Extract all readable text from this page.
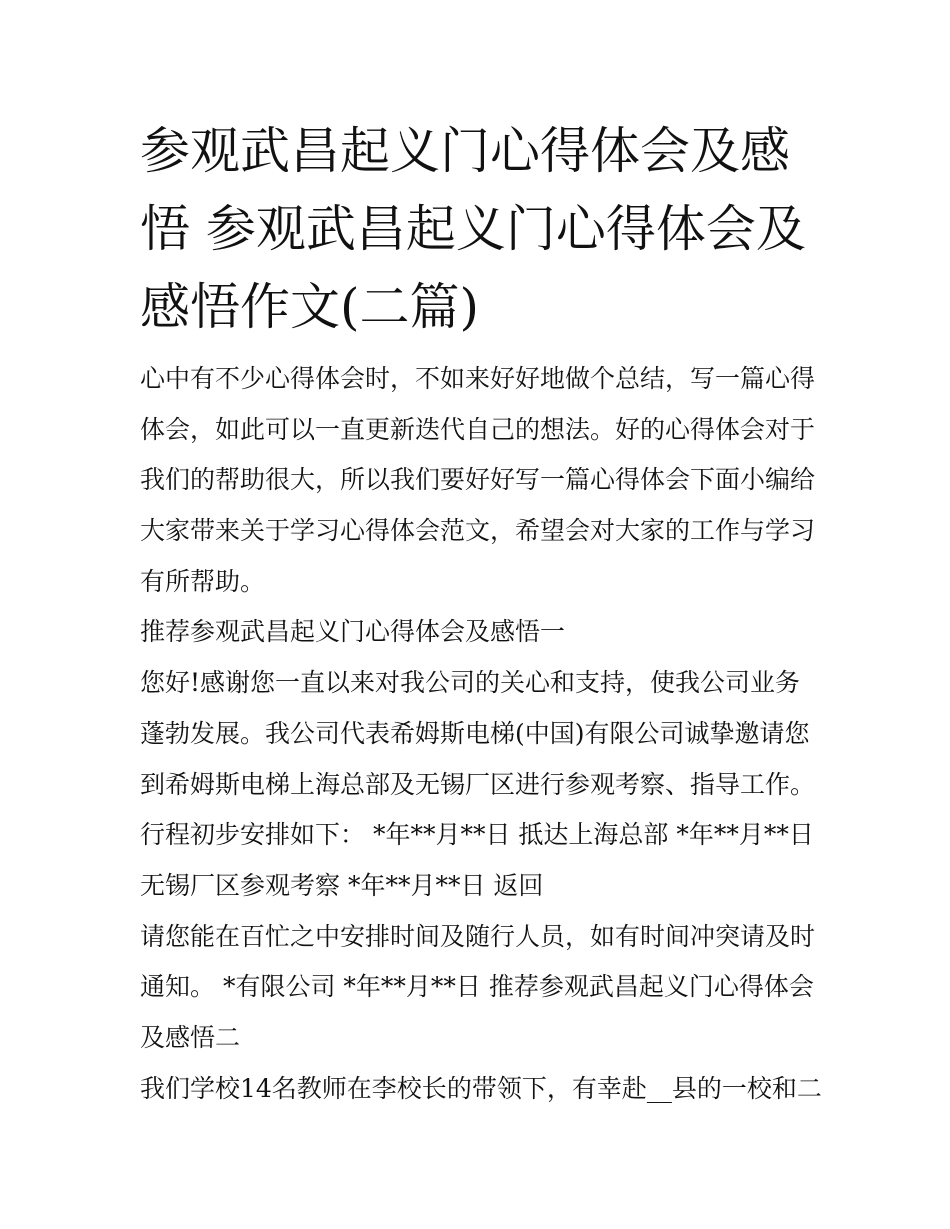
参观武昌起义门心得体会及感
悟 参观武昌起义门心得体会及
感悟作文(二篇)
心中有不少心得体会时，不如来好好地做个总结，写一篇心得
体会，如此可以一直更新迭代自己的想法。好的心得体会对于
我们的帮助很大，所以我们要好好写一篇心得体会下面小编给
大家带来关于学习心得体会范文，希望会对大家的工作与学习
有所帮助。
推荐参观武昌起义门心得体会及感悟一
您好!感谢您一直以来对我公司的关心和支持，使我公司业务
蓬勃发展。我公司代表希姆斯电梯(中国)有限公司诚挚邀请您
到希姆斯电梯上海总部及无锡厂区进行参观考察、指导工作。
行程初步安排如下： *年**月**日 抵达上海总部 *年**月**日
无锡厂区参观考察 *年**月**日 返回
请您能在百忙之中安排时间及随行人员，如有时间冲突请及时
通知。 *有限公司 *年**月**日 推荐参观武昌起义门心得体会
及感悟二
我们学校14名教师在李校长的带领下，有幸赴__县的一校和二
